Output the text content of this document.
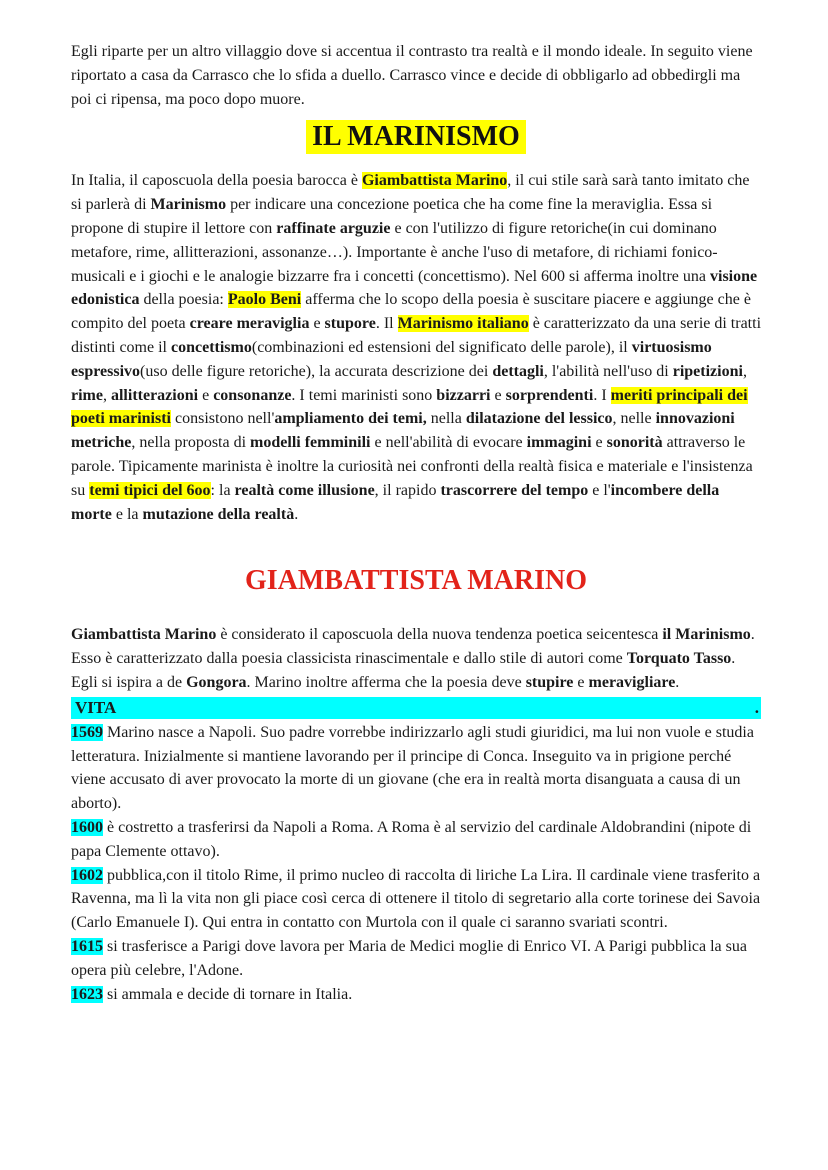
Egli riparte per un altro villaggio dove si accentua il contrasto tra realtà e il mondo ideale. In seguito viene riportato a casa da Carrasco che lo sfida a duello. Carrasco vince e decide di obbligarlo ad obbedirgli ma poi ci ripensa, ma poco dopo muore.

IL MARINISMO

In Italia, il caposcuola della poesia barocca è Giambattista Marino, il cui stile sarà sarà tanto imitato che si parlerà di Marinismo per indicare una concezione poetica che ha come fine la meraviglia. Essa si propone di stupire il lettore con raffinate arguzie e con l'utilizzo di figure retoriche(in cui dominano metafore, rime, allitterazioni, assonanze…). Importante è anche l'uso di metafore, di richiami fonico-musicali e i giochi e le analogie bizzarre fra i concetti (concettismo). Nel 600 si afferma inoltre una visione edonistica della poesia: Paolo Beni afferma che lo scopo della poesia è suscitare piacere e aggiunge che è compito del poeta creare meraviglia e stupore. Il Marinismo italiano è caratterizzato da una serie di tratti distinti come il concettismo(combinazioni ed estensioni del significato delle parole), il virtuosismo espressivo(uso delle figure retoriche), la accurata descrizione dei dettagli, l'abilità nell'uso di ripetizioni, rime, allitterazioni e consonanze. I temi marinisti sono bizzarri e sorprendenti. I meriti principali dei poeti marinisti consistono nell'ampliamento dei temi, nella dilatazione del lessico, nelle innovazioni metriche, nella proposta di modelli femminili e nell'abilità di evocare immagini e sonorità attraverso le parole. Tipicamente marinista è inoltre la curiosità nei confronti della realtà fisica e materiale e l'insistenza su temi tipici del 6oo: la realtà come illusione, il rapido trascorrere del tempo e l'incombere della morte e la mutazione della realtà.

GIAMBATTISTA MARINO

Giambattista Marino è considerato il caposcuola della nuova tendenza poetica seicentesca il Marinismo. Esso è caratterizzato dalla poesia classicista rinascimentale e dallo stile di autori come Torquato Tasso. Egli si ispira a de Gongora. Marino inoltre afferma che la poesia deve stupire e meravigliare.

VITA	.

1569 Marino nasce a Napoli. Suo padre vorrebbe indirizzarlo agli studi giuridici, ma lui non vuole e studia letteratura. Inizialmente si mantiene lavorando per il principe di Conca. Inseguito va in prigione perché viene accusato di aver provocato la morte di un giovane (che era in realtà morta disanguata a causa di un aborto).

1600 è costretto a trasferirsi da Napoli a Roma. A Roma è al servizio del cardinale Aldobrandini (nipote di papa Clemente ottavo).

1602 pubblica,con il titolo Rime, il primo nucleo di raccolta di liriche La Lira. Il cardinale viene trasferito a Ravenna, ma lì la vita non gli piace così cerca di ottenere il titolo di segretario alla corte torinese dei Savoia (Carlo Emanuele I). Qui entra in contatto con Murtola con il quale ci saranno svariati scontri.

1615 si trasferisce a Parigi dove lavora per Maria de Medici moglie di Enrico VI. A Parigi pubblica la sua opera più celebre, l'Adone.

1623 si ammala e decide di tornare in Italia.
